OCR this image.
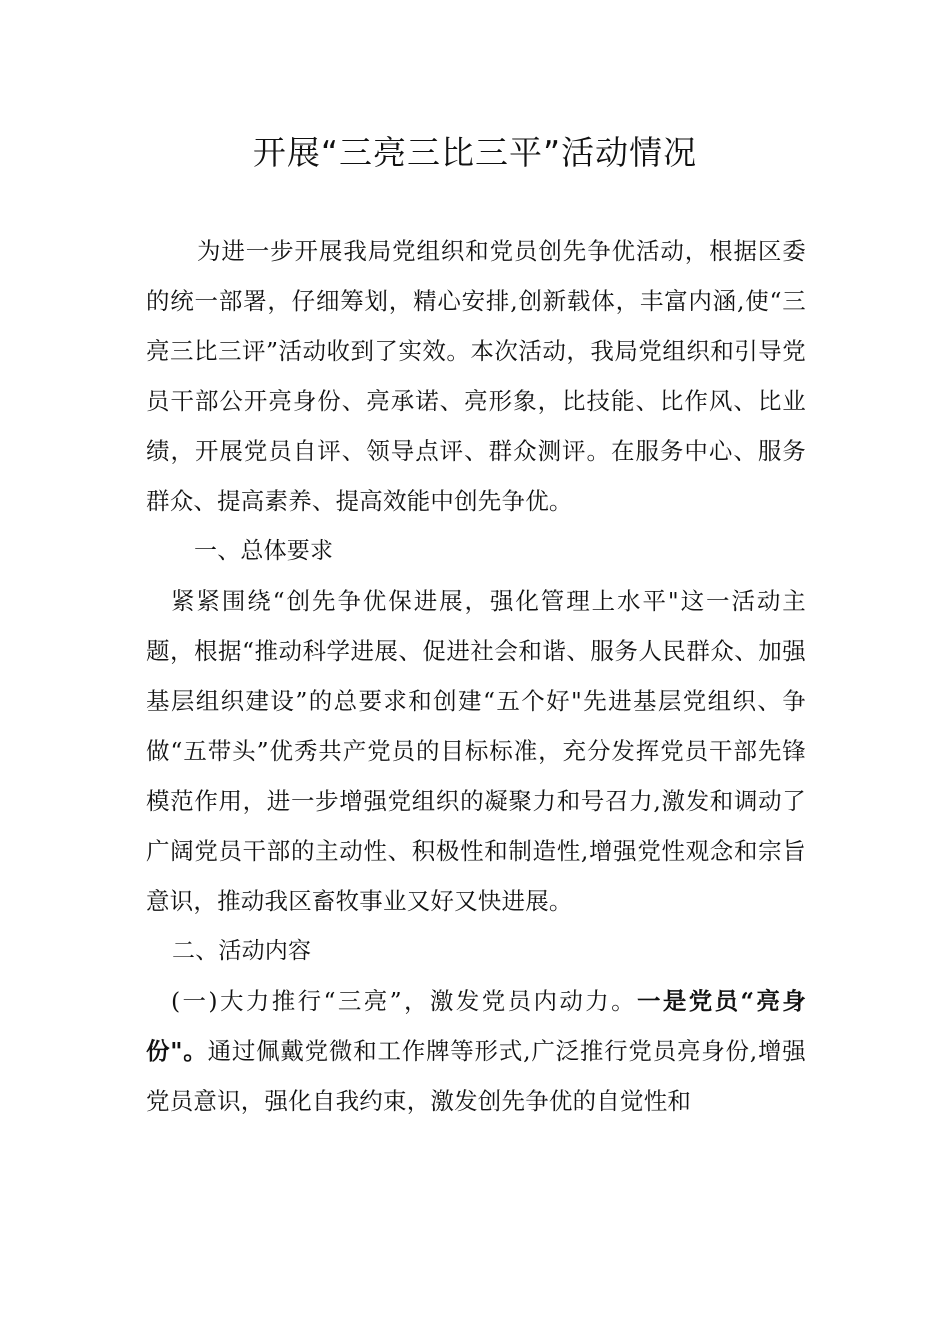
开展“三亮三比三平”活动情况

为进一步开展我局党组织和党员创先争优活动，根据区委的统一部署，仔细筹划，精心安排,创新载体，丰富内涵,使“三亮三比三评”活动收到了实效。本次活动，我局党组织和引导党员干部公开亮身份、亮承诺、亮形象，比技能、比作风、比业绩，开展党员自评、领导点评、群众测评。在服务中心、服务群众、提高素养、提高效能中创先争优。

一、总体要求

紧紧围绕“创先争优保进展，强化管理上水平"这一活动主题，根据“推动科学进展、促进社会和谐、服务人民群众、加强基层组织建设”的总要求和创建“五个好"先进基层党组织、争做“五带头”优秀共产党员的目标标准，充分发挥党员干部先锋模范作用，进一步增强党组织的凝聚力和号召力,激发和调动了广阔党员干部的主动性、积极性和制造性,增强党性观念和宗旨意识，推动我区畜牧事业又好又快进展。

二、活动内容

(一)大力推行“三亮”，激发党员内动力。一是党员“亮身份"。通过佩戴党微和工作牌等形式,广泛推行党员亮身份,增强党员意识，强化自我约束，激发创先争优的自觉性和
